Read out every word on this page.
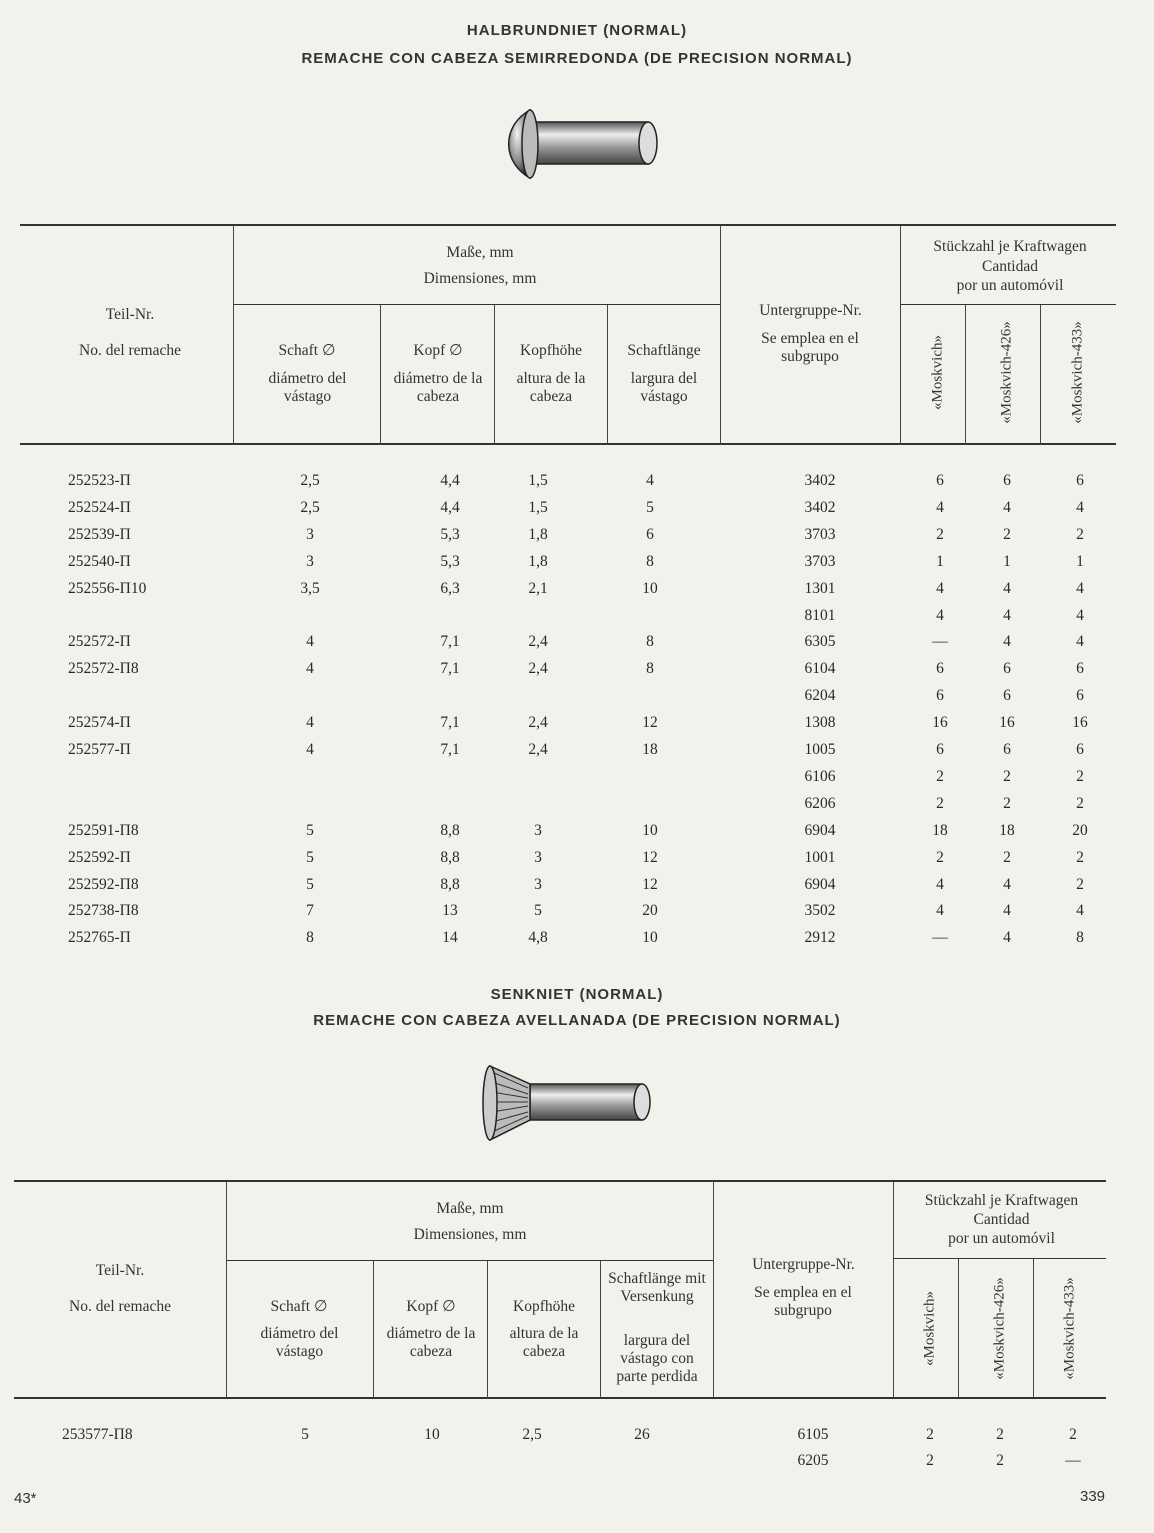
HALBRUNDNIET (NORMAL)
REMACHE CON CABEZA SEMIRREDONDA (DE PRECISION NORMAL)
Teil-Nr.
No. del remache
Maße, mm
Dimensiones, mm
Schaft ∅
diámetro del vástago
Kopf ∅
diámetro de la cabeza
Kopfhöhe
altura de la cabeza
Schaftlänge
largura del vástago
Untergruppe-Nr.
Se emplea en el subgrupo
Stückzahl je Kraftwagen
Cantidad
por un automóvil
«Moskvich»	«Moskvich-426»	«Moskvich-433»
252523-П	2,5	4,4	1,5	4	3402	6	6	6
252524-П	2,5	4,4	1,5	5	3402	4	4	4
252539-П	3	5,3	1,8	6	3703	2	2	2
252540-П	3	5,3	1,8	8	3703	1	1	1
252556-П10	3,5	6,3	2,1	10	1301	4	4	4
8101	4	4	4
252572-П	4	7,1	2,4	8	6305	—	4	4
252572-П8	4	7,1	2,4	8	6104	6	6	6
6204	6	6	6
252574-П	4	7,1	2,4	12	1308	16	16	16
252577-П	4	7,1	2,4	18	1005	6	6	6
6106	2	2	2
6206	2	2	2
252591-П8	5	8,8	3	10	6904	18	18	20
252592-П	5	8,8	3	12	1001	2	2	2
252592-П8	5	8,8	3	12	6904	4	4	2
252738-П8	7	13	5	20	3502	4	4	4
252765-П	8	14	4,8	10	2912	—	4	8
SENKNIET (NORMAL)
REMACHE CON CABEZA AVELLANADA (DE PRECISION NORMAL)
Teil-Nr.
No. del remache
Maße, mm
Dimensiones, mm
Schaft ∅
diámetro del vástago
Kopf ∅
diámetro de la cabeza
Kopfhöhe
altura de la cabeza
Schaftlänge mit Versenkung
largura del vástago con parte perdida
Untergruppe-Nr.
Se emplea en el subgrupo
Stückzahl je Kraftwagen
Cantidad
por un automóvil
«Moskvich»	«Moskvich-426»	«Moskvich-433»
253577-П8	5	10	2,5	26	6105	2	2	2
6205	2	2	—
43*	339
